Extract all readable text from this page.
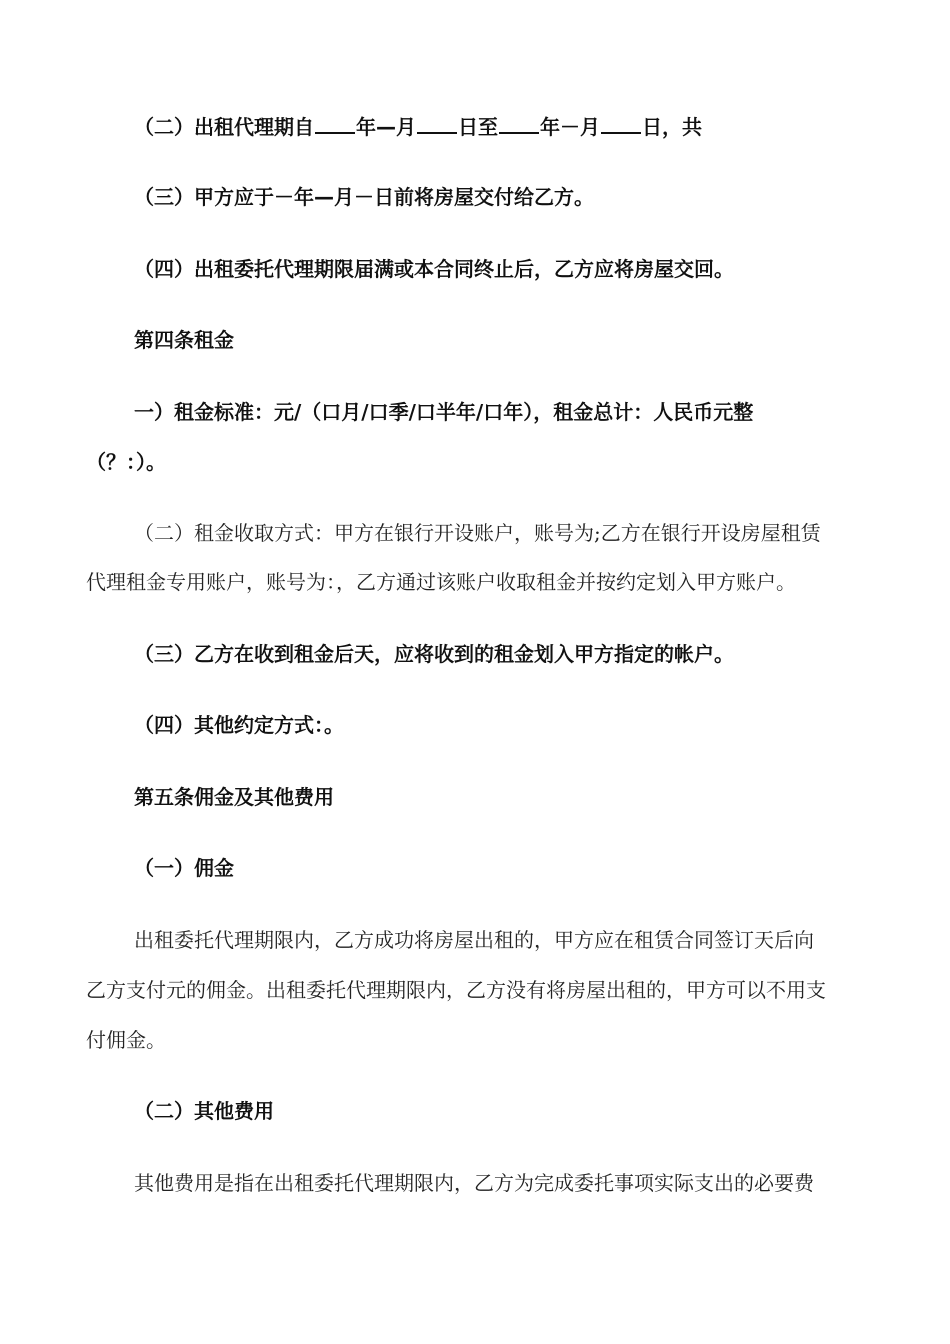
（二）出租代理期自 年—月 日至 年－月 日，共
（三）甲方应于－年—月－日前将房屋交付给乙方。
（四）出租委托代理期限届满或本合同终止后，乙方应将房屋交回。
第四条租金
一）租金标准：元/（口月/口季/口半年/口年），租金总计：人民币元整
（？：）。
（二）租金收取方式：甲方在银行开设账户，账号为;乙方在银行开设房屋租赁
代理租金专用账户，账号为：，乙方通过该账户收取租金并按约定划入甲方账户。
（三）乙方在收到租金后天，应将收到的租金划入甲方指定的帐户。
（四）其他约定方式：。
第五条佣金及其他费用
（一）佣金
出租委托代理期限内，乙方成功将房屋出租的，甲方应在租赁合同签订天后向
乙方支付元的佣金。出租委托代理期限内，乙方没有将房屋出租的，甲方可以不用支
付佣金。
（二）其他费用
其他费用是指在出租委托代理期限内，乙方为完成委托事项实际支出的必要费
